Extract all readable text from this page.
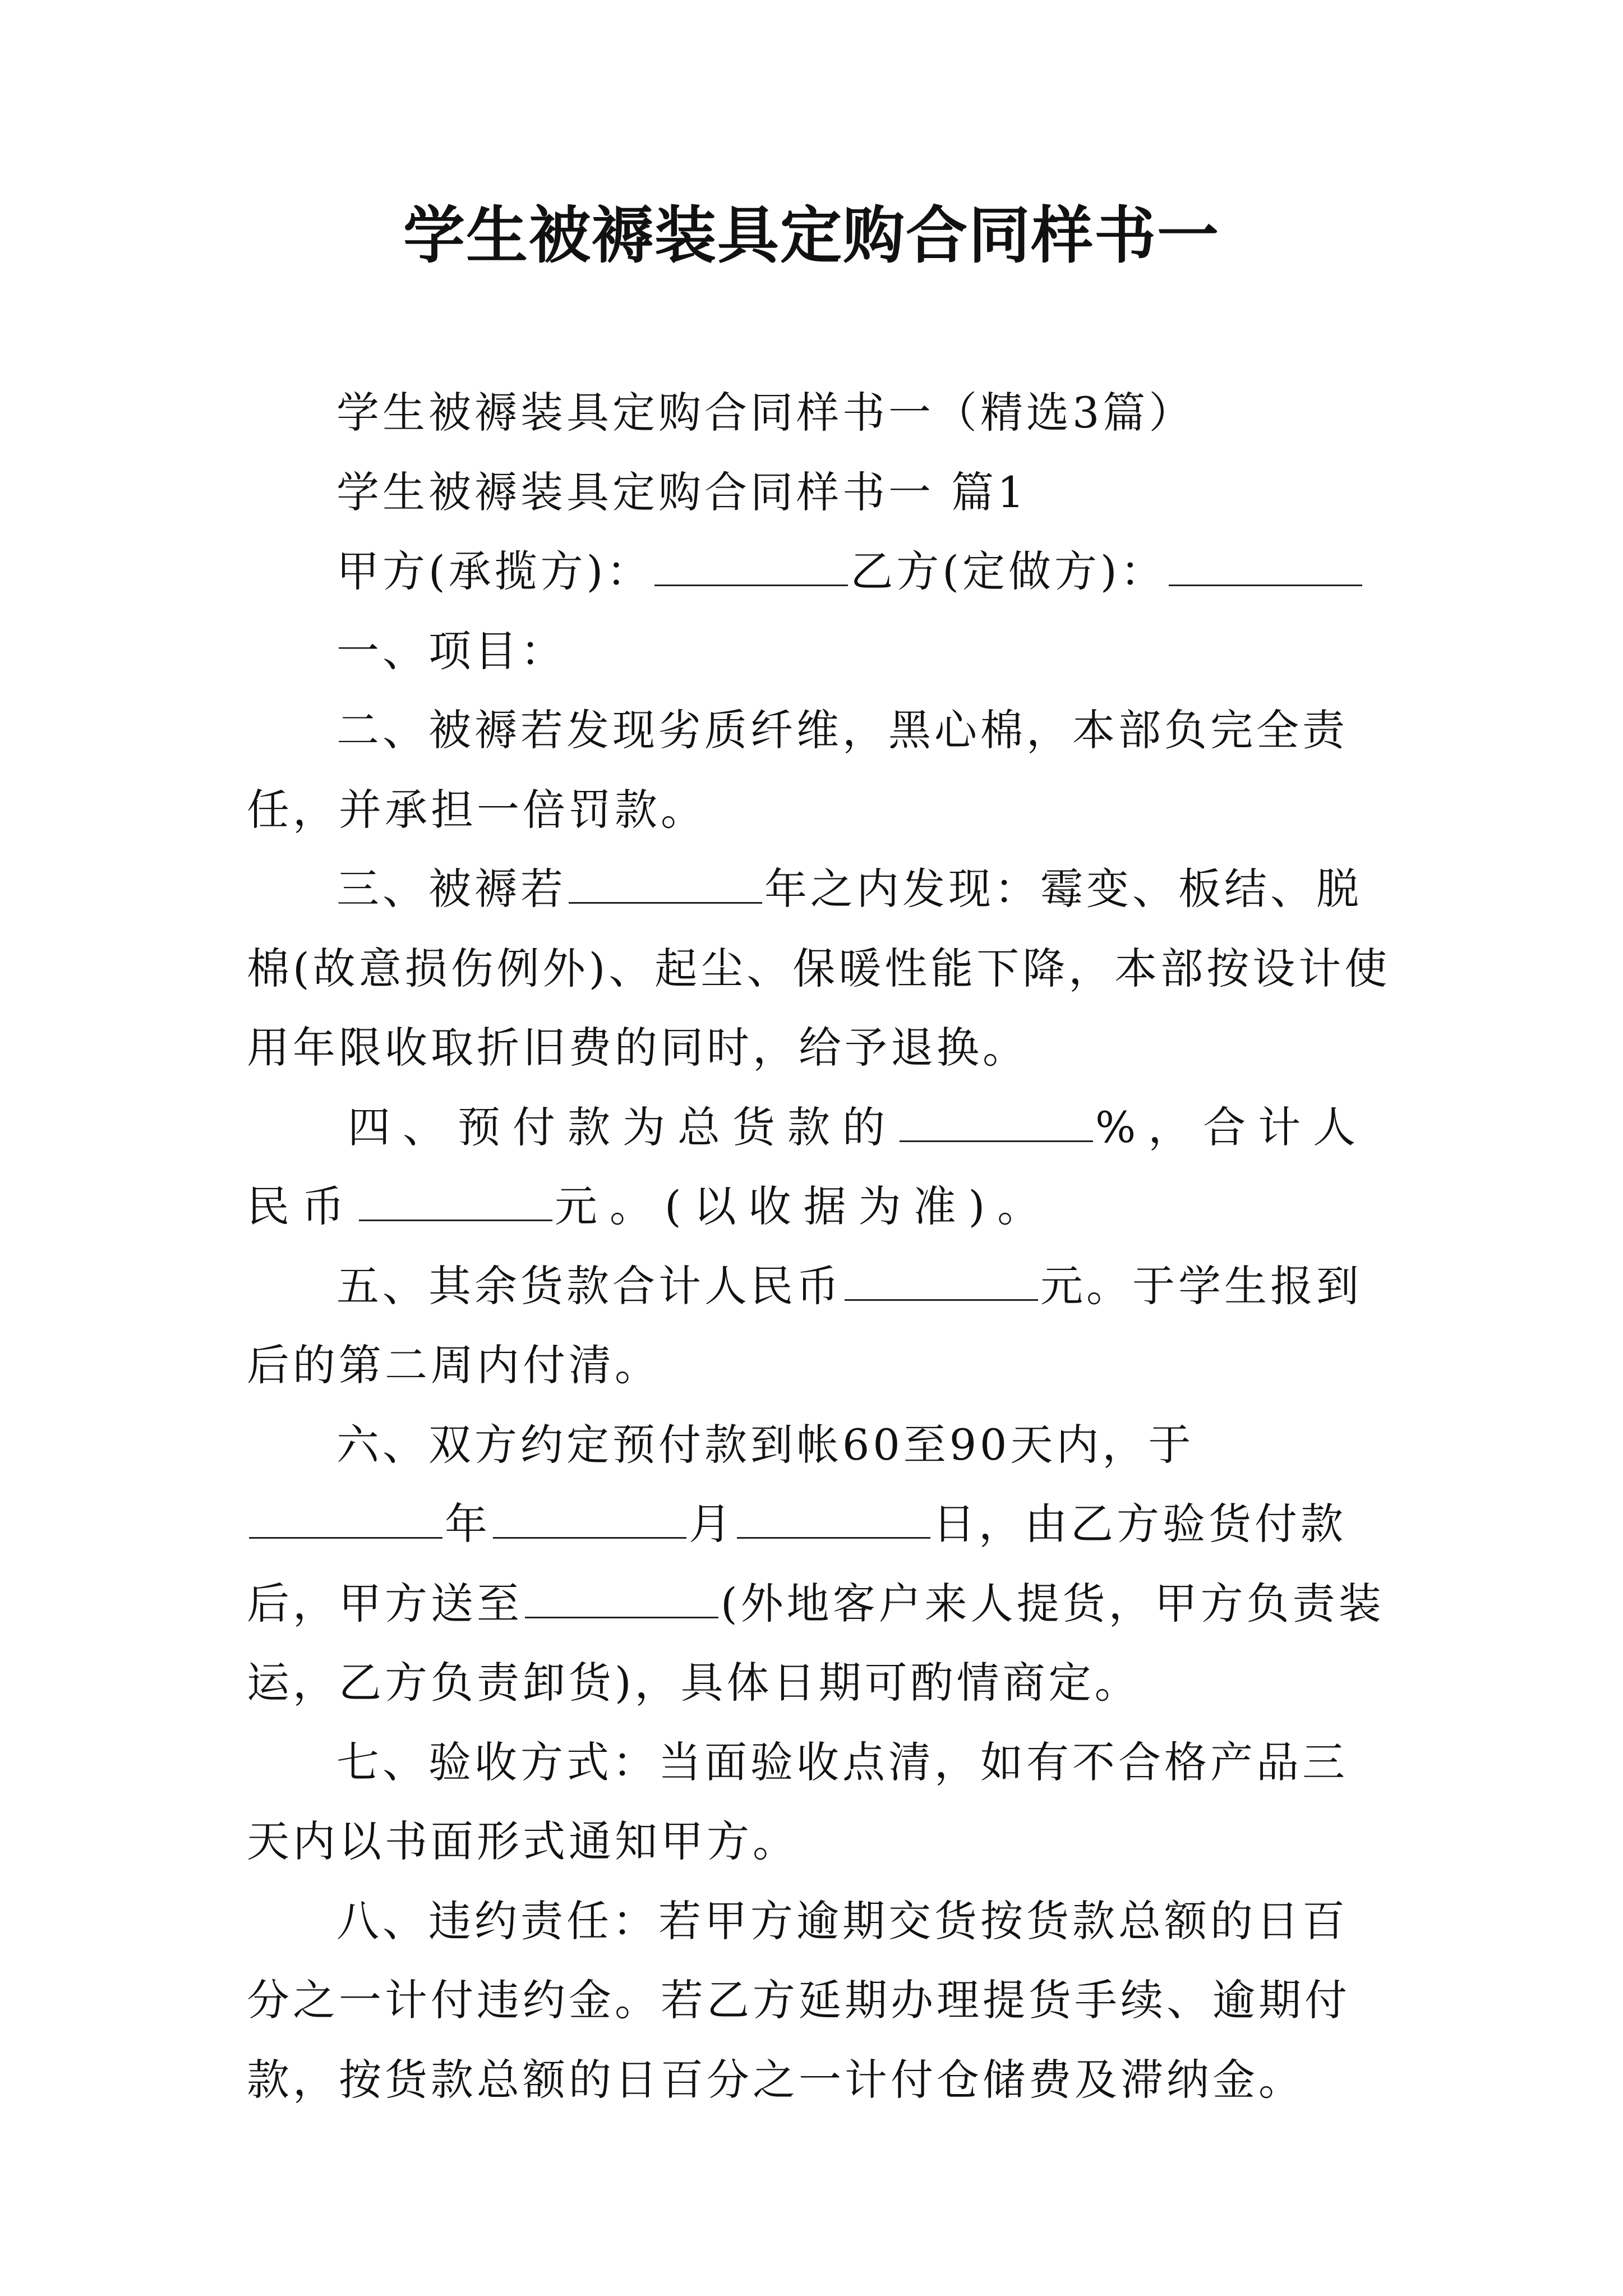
学生被褥装具定购合同样书一

学生被褥装具定购合同样书一（精选3篇）

学生被褥装具定购合同样书一 篇1

甲方(承揽方)：	乙方(定做方)：

一、项目：

二、被褥若发现劣质纤维，黑心棉，本部负完全责任，并承担一倍罚款。

三、被褥若	年之内发现：霉变、板结、脱棉(故意损伤例外)、起尘、保暖性能下降，本部按设计使用年限收取折旧费的同时，给予退换。

四、预付款为总货款的	%，合计人民币	元。(以收据为准)。

五、其余货款合计人民币	元。于学生报到后的第二周内付清。

六、双方约定预付款到帐60至90天内，于年	月	日，由乙方验货付款后，甲方送至	(外地客户来人提货，甲方负责装运，乙方负责卸货)，具体日期可酌情商定。

七、验收方式：当面验收点清，如有不合格产品三天内以书面形式通知甲方。

八、违约责任：若甲方逾期交货按货款总额的日百分之一计付违约金。若乙方延期办理提货手续、逾期付款，按货款总额的日百分之一计付仓储费及滞纳金。
